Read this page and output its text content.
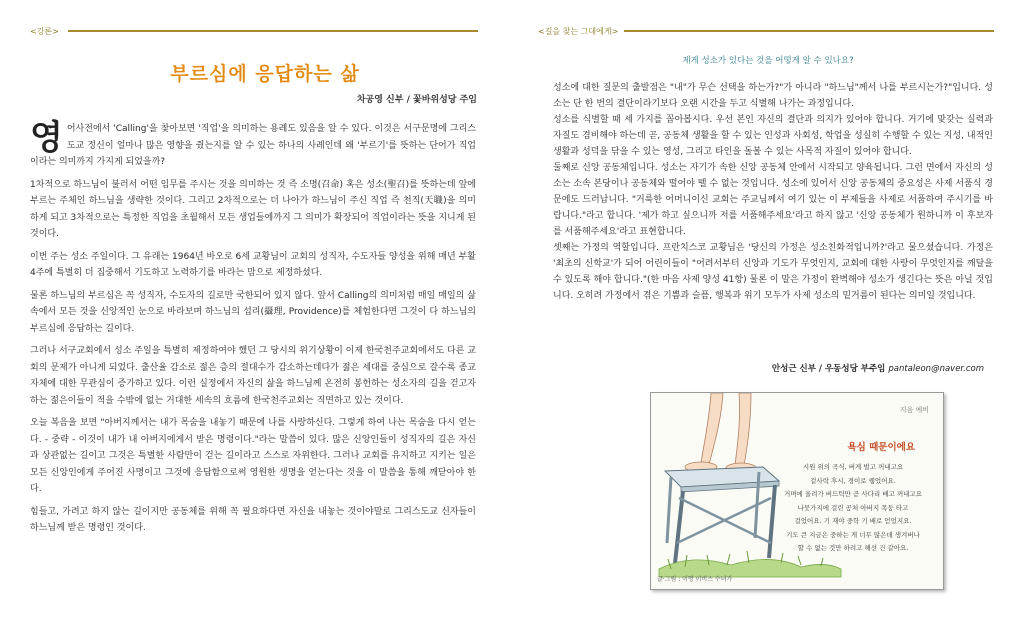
<강론>
부르심에 응답하는 삶
차공영 신부 / 꽃바위성당 주임

영어사전에서 'Calling'을 찾아보면 '직업'을 의미하는 용례도 있음을 알 수 있다. 이것은 서구문명에 그리스도교 정신이 얼마나 많은 영향을 줬는지를 알 수 있는 하나의 사례인데 왜 '부르기'를 뜻하는 단어가 직업이라는 의미까지 가지게 되었을까?

1차적으로 하느님이 불러서 어떤 임무를 주시는 것을 의미하는 것 즉 소명(召命) 혹은 성소(聖召)를 뜻하는데 앞에 부르는 주체인 하느님을 생략한 것이다. 그리고 2차적으로는 더 나아가 하느님이 주신 직업 즉 천직(天職)을 의미하게 되고 3차적으로는 특정한 직업을 초월해서 모든 생업들에까지 그 의미가 확장되어 직업이라는 뜻을 지니게 된 것이다.

이번 주는 성소 주일이다. 그 유래는 1964년 바오로 6세 교황님이 교회의 성직자, 수도자들 양성을 위해 매년 부활 4주에 특별히 더 집중해서 기도하고 노력하기를 바라는 맘으로 제정하셨다.

물론 하느님의 부르심은 꼭 성직자, 수도자의 길로만 국한되어 있지 않다. 앞서 Calling의 의미처럼 매일 매일의 삶 속에서 모든 것을 신앙적인 눈으로 바라보며 하느님의 섭리(攝理, Providence)를 체험한다면 그것이 다 하느님의 부르심에 응답하는 길이다.

그러나 서구교회에서 성소 주일을 특별히 제정하여야 했던 그 당시의 위기상황이 이제 한국천주교회에서도 다른 교회의 문제가 아니게 되었다. 출산율 감소로 젊은 층의 절대수가 감소하는데다가 젊은 세대를 중심으로 갈수록 종교자체에 대한 무관심이 증가하고 있다. 이런 실정에서 자신의 삶을 하느님께 온전히 봉헌하는 성소자의 길을 걷고자 하는 젊은이들이 적을 수밖에 없는 거대한 세속의 흐름에 한국천주교회는 직면하고 있는 것이다.

오늘 복음을 보면 "아버지께서는 내가 목숨을 내놓기 때문에 나를 사랑하신다. 그렇게 하여 나는 목숨을 다시 얻는다. - 중략 - 이것이 내가 내 아버지에게서 받은 명령이다."라는 말씀이 있다. 많은 신앙인들이 성직자의 길은 자신과 상관없는 길이고 그것은 특별한 사람만이 걷는 길이라고 스스로 자위한다. 그러나 교회를 유지하고 지키는 일은 모든 신앙인에게 주어진 사명이고 그것에 응답함으로써 영원한 생명을 얻는다는 것을 이 말씀을 통해 깨닫아야 한다.

힘들고, 가려고 하지 않는 길이지만 공동체를 위해 꼭 필요하다면 자신을 내놓는 것이야말로 그리스도교 신자들이 하느님께 받은 명령인 것이다.

<길을 찾는 그대에게>
제게 성소가 있다는 것을 어떻게 알 수 있나요?

성소에 대한 질문의 출발점은 "내"가 무슨 선택을 하는가?"가 아니라 "하느님"께서 나를 부르시는가?"입니다. 성소는 단 한 번의 결단이라기보다 오랜 시간을 두고 식별해 나가는 과정입니다.

성소를 식별할 때 세 가지를 꼽아봅시다. 우선 본인 자신의 결단과 의지가 있어야 합니다. 거기에 맞갖는 실력과 자질도 겸비해야 하는데 곧, 공동체 생활을 할 수 있는 인성과 사회성, 학업을 성실히 수행할 수 있는 지성, 내적인 생활과 성덕을 닦을 수 있는 영성, 그리고 타인을 돌볼 수 있는 사목적 자질이 있어야 합니다.

둘째로 신앙 공동체입니다. 성소는 자기가 속한 신앙 공동체 안에서 시작되고 양육됩니다. 그런 면에서 자신의 성소는 소속 본당이나 공동체와 떨어야 뗄 수 없는 것입니다. 성소에 있어서 신앙 공동체의 중요성은 사제 서품식 경문에도 드러납니다. "거룩한 어머니이신 교회는 주교님께서 여기 있는 이 부제들을 사제로 서품하여 주시기를 바랍니다."라고 합니다. '제가 하고 싶으니까 저를 서품해주세요'라고 하지 않고 '신앙 공동체가 원하니까 이 후보자를 서품해주세요'라고 표현합니다.

셋째는 가정의 역할입니다. 프란치스코 교황님은 '당신의 가정은 성소친화적입니까?'라고 물으셨습니다. 가정은 '최초의 신학교'가 되어 어린이들이 "어려서부터 신앙과 기도가 무엇인지, 교회에 대한 사랑이 무엇인지를 깨달을 수 있도록 해야 합니다."(한 마음 사제 양성 41항) 물론 이 말은 가정이 완벽해야 성소가 생긴다는 뜻은 아닐 것입니다. 오히려 가정에서 겪은 기쁨과 슬픔, 행복과 위기 모두가 사제 성소의 밑거름이 된다는 의미일 것입니다.

안성근 신부 / 우동성당 부주임 pantaleon@naver.com
지음 예비
욕심 때문이에요
시원 위의 곡식, 버게 벌고 꺼내고요
겉사락 후시, 경이로 퀭었어요.
거며에 올려가 버드틱만 곧 사다리 배고 꺼내고요
나뭇가지에 걸린 공처 아버지 목둥 타고
걸었어요. 기 재야 중학 기 배로 얻었지요.
기도 큰 지금은 중하는 게 너무 많은데 생겨버나
할 수 없는 것만 하려고 해선 건 같아요.
글·그림 : 이명 이비스 수녀가
